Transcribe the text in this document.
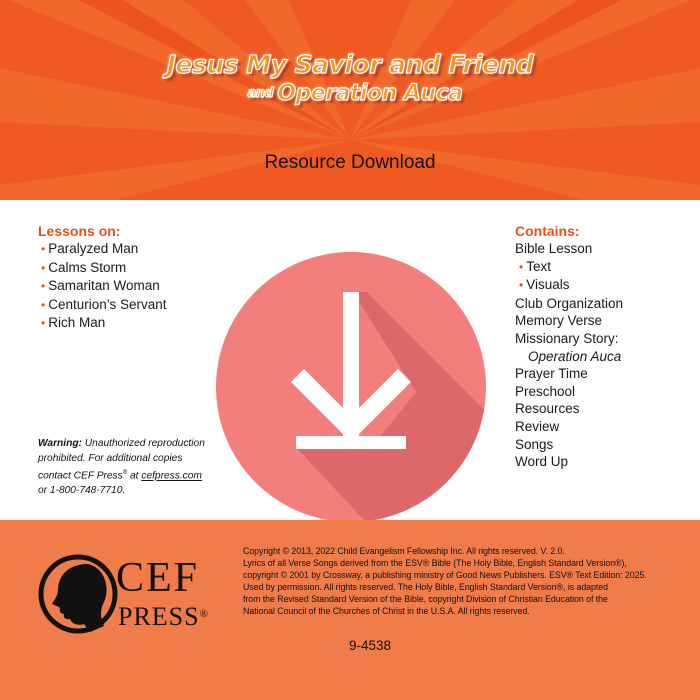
Jesus My Savior and Friend
and Operation Auca
Resource Download
Lessons on:
• Paralyzed Man
• Calms Storm
• Samaritan Woman
• Centurion’s Servant
• Rich Man
Contains:
Bible Lesson
• Text
• Visuals
Club Organization
Memory Verse
Missionary Story:
Operation Auca
Prayer Time
Preschool
Resources
Review
Songs
Word Up
Warning: Unauthorized reproduction
prohibited. For additional copies
contact CEF Press® at cefpress.com
or 1-800-748-7710.
CEF
PRESS®

Copyright © 2013, 2022 Child Evangelism Fellowship Inc. All rights reserved. V. 2.0.

Lyrics of all Verse Songs derived from the ESV® Bible (The Holy Bible, English Standard Version®),

copyright © 2001 by Crossway, a publishing ministry of Good News Publishers. ESV® Text Edition: 2025.

Used by permission. All rights reserved. The Holy Bible, English Standard Version®, is adapted

from the Revised Standard Version of the Bible, copyright Division of Christian Education of the

National Council of the Churches of Christ in the U.S.A. All rights reserved.

9-4538
